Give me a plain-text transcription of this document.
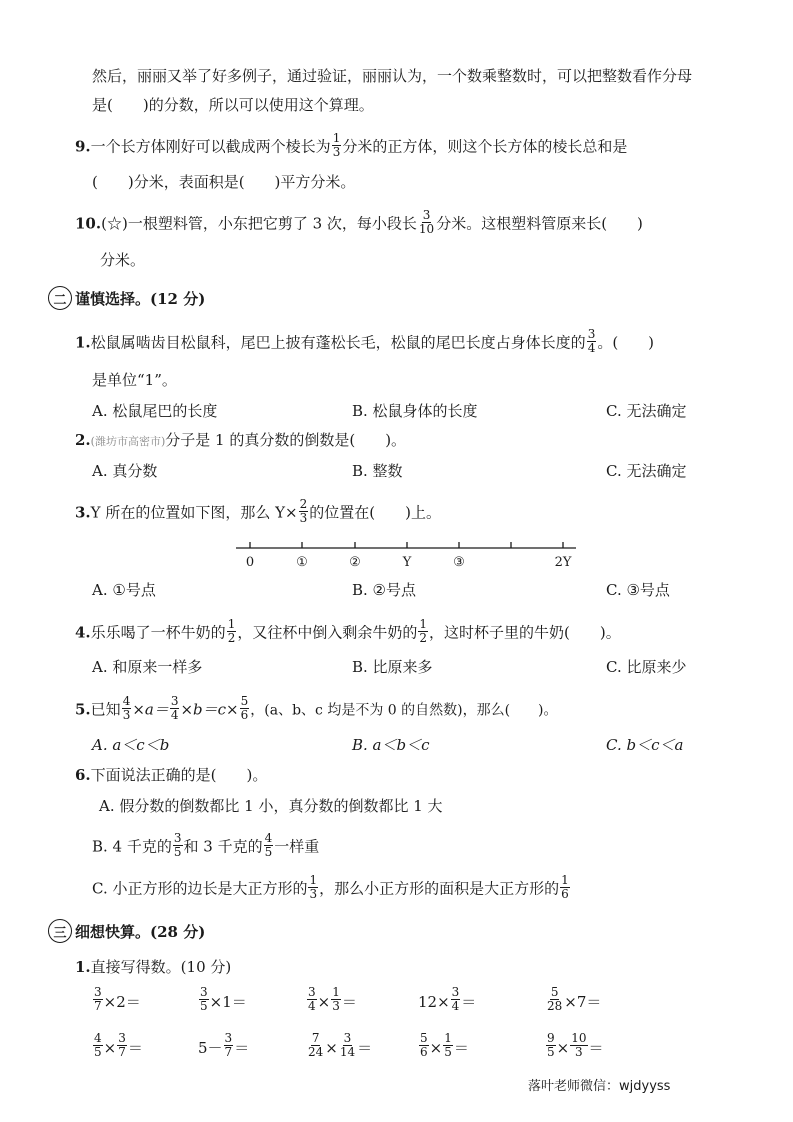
然后，丽丽又举了好多例子，通过验证，丽丽认为，一个数乘整数时，可以把整数看作分母
是(　　)的分数，所以可以使用这个算理。
9.一个长方体刚好可以截成两个棱长为 $\frac{1}{3}$ 分米的正方体，则这个长方体的棱长总和是
(　　)分米，表面积是(　　)平方分米。
10.(☆)一根塑料管，小东把它剪了 3 次，每小段长 $\frac{3}{10}$ 分米。这根塑料管原来长(　　)
分米。
二 谨慎选择。(12 分)
1.松鼠属啮齿目松鼠科，尾巴上披有蓬松长毛，松鼠的尾巴长度占身体长度的 $\frac{3}{4}$ 。(　　)
是单位“1”。
A. 松鼠尾巴的长度	B. 松鼠身体的长度	C. 无法确定
2.(潍坊市高密市)分子是 1 的真分数的倒数是(　　)。
A. 真分数	B. 整数	C. 无法确定
3.Y 所在的位置如下图，那么 $Y\times \frac{2}{3}$ 的位置在(　　)上。
0	①	②	Y	③	2Y
A. ①号点	B. ②号点	C. ③号点
4.乐乐喝了一杯牛奶的 $\frac{1}{2}$ ，又往杯中倒入剩余牛奶的 $\frac{1}{2}$ ，这时杯子里的牛奶(　　)。
A. 和原来一样多	B. 比原来多	C. 比原来少
5.已知 $\frac{4}{3} \times a= \frac{3}{4} \times b=c\times \frac{5}{6}$ ，(a、b、c 均是不为 0 的自然数)，那么(　　)。
A. a＜c＜b	B. a＜b＜c	C. b＜c＜a
6.下面说法正确的是(　　)。
A. 假分数的倒数都比 1 小，真分数的倒数都比 1 大
B. 4 千克的 $\frac{3}{5}$ 和 3 千克的 $\frac{4}{5}$ 一样重
C. 小正方形的边长是大正方形的 $\frac{1}{3}$ ，那么小正方形的面积是大正方形的 $\frac{1}{6}$
三 细想快算。(28 分)
1.直接写得数。(10 分)
$\frac{3}{7} \times 2=$	$\frac{3}{5} \times 1=$	$\frac{3}{4} \times \frac{1}{3}$ ＝	$12\times \frac{3}{4}$ ＝	$\frac{5}{28} \times 7=$
$\frac{4}{5} \times \frac{3}{7}$ ＝	$5- \frac{3}{7}$ ＝	$\frac{7}{24} \times \frac{3}{14}$ ＝	$\frac{5}{6} \times \frac{1}{5}$ ＝	$\frac{9}{5} \times \frac{10}{3}$ ＝
落叶老师微信：wjdyyss
